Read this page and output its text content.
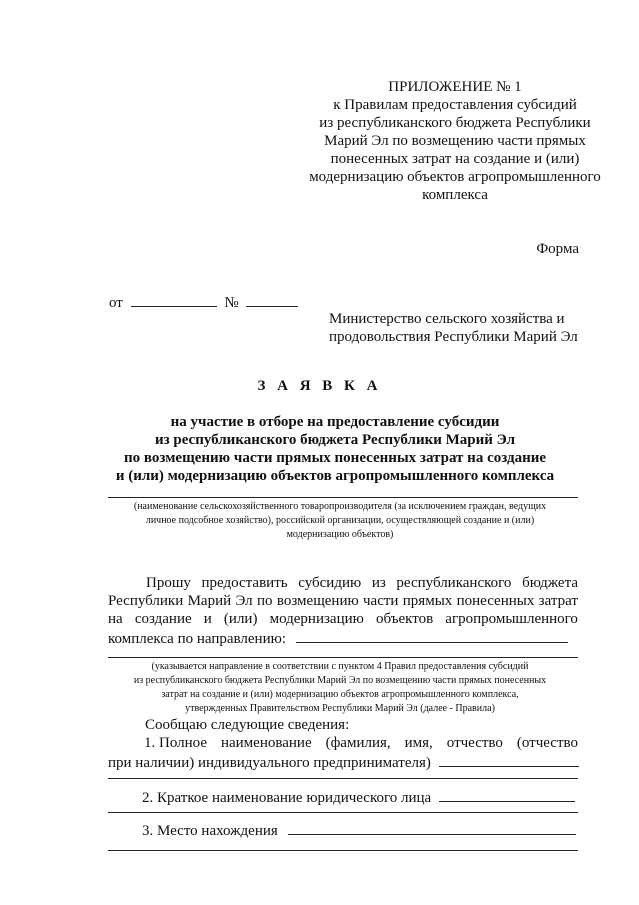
ПРИЛОЖЕНИЕ № 1
к Правилам предоставления субсидий
из республиканского бюджета Республики
Марий Эл по возмещению части прямых
понесенных затрат на создание и (или)
модернизацию объектов агропромышленного
комплекса
Форма
от	№
Министерство сельского хозяйства и
продовольствия Республики Марий Эл
З А Я В К А
на участие в отборе на предоставление субсидии
из республиканского бюджета Республики Марий Эл
по возмещению части прямых понесенных затрат на создание
и (или) модернизацию объектов агропромышленного комплекса
(наименование сельскохозяйственного товаропроизводителя (за исключением граждан, ведущих
личное подсобное хозяйство), российской организации, осуществляющей создание и (или)
модернизацию объектов)
Прошу предоставить субсидию из республиканского бюджета
Республики Марий Эл по возмещению части прямых понесенных затрат
на создание и (или) модернизацию объектов агропромышленного
комплекса по направлению:
(указывается направление в соответствии с пунктом 4 Правил предоставления субсидий
из республиканского бюджета Республики Марий Эл по возмещению части прямых понесенных
затрат на создание и (или) модернизацию объектов агропромышленного комплекса,
утвержденных Правительством Республики Марий Эл (далее - Правила)
Сообщаю следующие сведения:
1. Полное наименование (фамилия, имя, отчество (отчество
при наличии) индивидуального предпринимателя)
2. Краткое наименование юридического лица
3. Место нахождения
